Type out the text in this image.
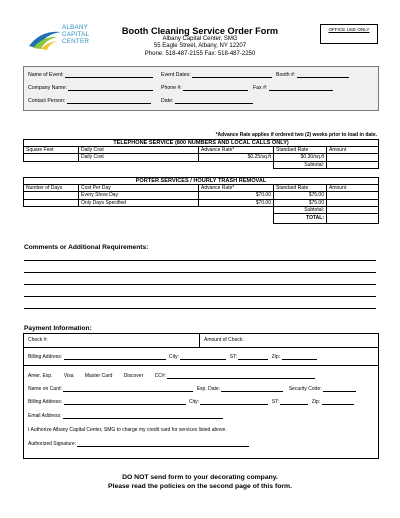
ALBANY
CAPITAL
CENTER
Booth Cleaning Service Order Form
Albany Capital Center, SMG
55 Eagle Street, Albany, NY 12207
Phone: 518-487-2155 Fax: 518-487-2250
OFFICE USE ONLY
Name of Event:	Event Dates:	Booth #:
Company Name:	Phone #:	Fax #:
Contact Person:	Date:
*Advance Rate applies if ordered two (2) weeks prior to load in date.
TELEPHONE SERVICE (800 NUMBERS AND LOCAL CALLS ONLY)				
Square Feet	Daily Cost	Advance Rate*	Standard Rate	Amount
	Daily Cost	$0.25/sq.ft	$0.30/sq.ft	
			Subtotal:	
PORTER SERVICES / HOURLY TRASH REMOVAL				
Number of Days	Cost Per Day	Advance Rate*	Standard Rate	Amount
	Every Show Day	$70.00	$75.00	
	Only Days Specified	$70.00	$75.00	
			Subtotal:	
			TOTAL:	
Comments or Additional Requirements:
Payment Information:
Check #:	Amount of Check:
Billing Address:	City:	ST:	Zip:
Amer. Exp. Visa Master Card Discover CC#:
Name on Card:	Exp. Date:	Security Code:
Billing Address:	City:	ST:	Zip:
Email Address:
I Authorize Albany Capital Center, SMG to charge my credit card for services listed above.
Authorized Signature:
DO NOT send form to your decorating company.
Please read the policies on the second page of this form.
